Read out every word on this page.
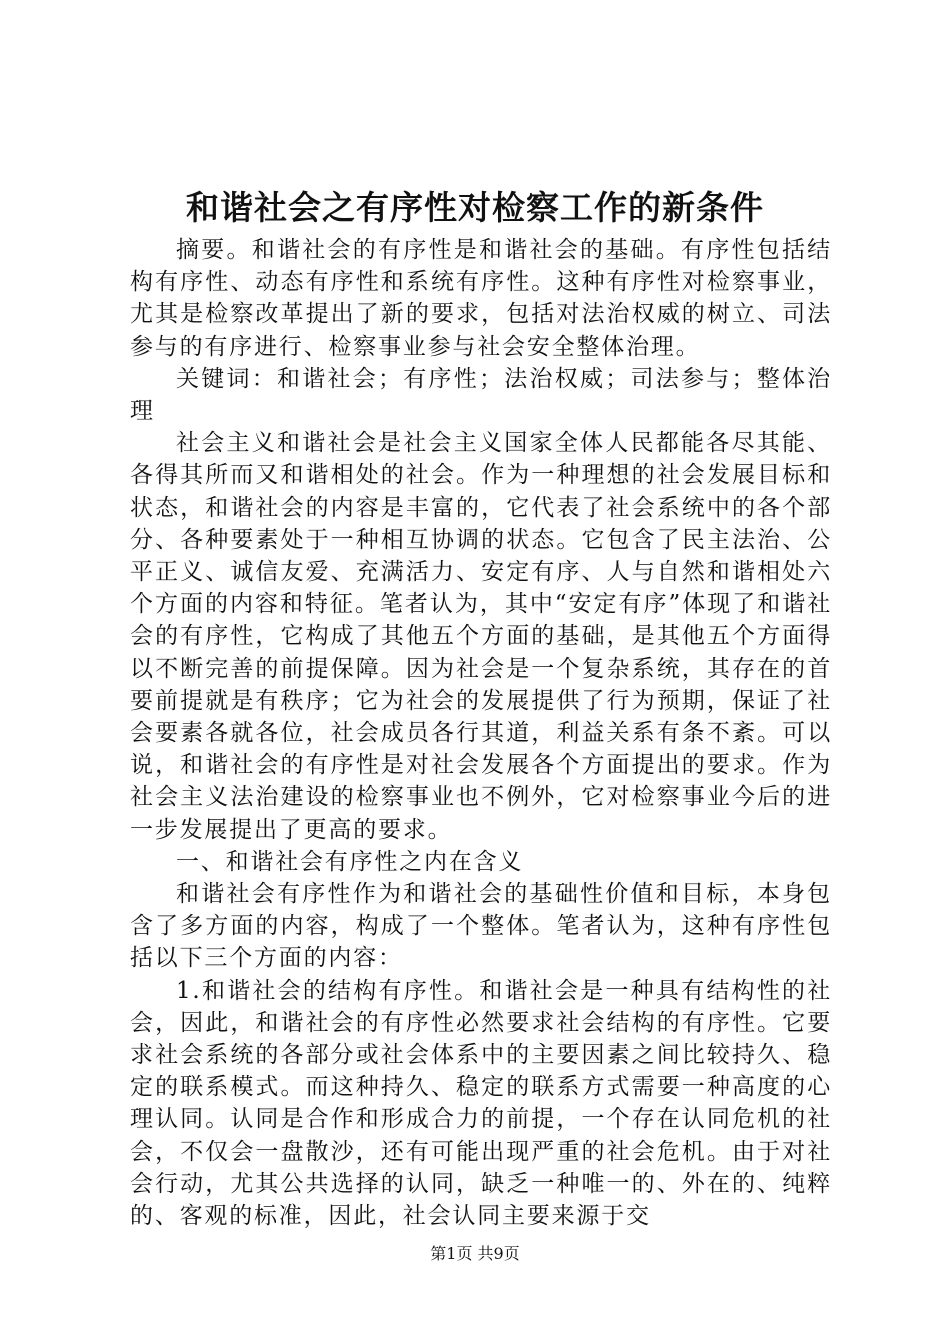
和谐社会之有序性对检察工作的新条件

摘要。和谐社会的有序性是和谐社会的基础。有序性包括结构有序性、动态有序性和系统有序性。这种有序性对检察事业，尤其是检察改革提出了新的要求，包括对法治权威的树立、司法参与的有序进行、检察事业参与社会安全整体治理。

关键词：和谐社会；有序性；法治权威；司法参与；整体治理

社会主义和谐社会是社会主义国家全体人民都能各尽其能、各得其所而又和谐相处的社会。作为一种理想的社会发展目标和状态，和谐社会的内容是丰富的，它代表了社会系统中的各个部分、各种要素处于一种相互协调的状态。它包含了民主法治、公平正义、诚信友爱、充满活力、安定有序、人与自然和谐相处六个方面的内容和特征。笔者认为，其中“安定有序”体现了和谐社会的有序性，它构成了其他五个方面的基础，是其他五个方面得以不断完善的前提保障。因为社会是一个复杂系统，其存在的首要前提就是有秩序；它为社会的发展提供了行为预期，保证了社会要素各就各位，社会成员各行其道，利益关系有条不紊。可以说，和谐社会的有序性是对社会发展各个方面提出的要求。作为社会主义法治建设的检察事业也不例外，它对检察事业今后的进一步发展提出了更高的要求。

一、和谐社会有序性之内在含义

和谐社会有序性作为和谐社会的基础性价值和目标，本身包含了多方面的内容，构成了一个整体。笔者认为，这种有序性包括以下三个方面的内容：

1.和谐社会的结构有序性。和谐社会是一种具有结构性的社会，因此，和谐社会的有序性必然要求社会结构的有序性。它要求社会系统的各部分或社会体系中的主要因素之间比较持久、稳定的联系模式。而这种持久、稳定的联系方式需要一种高度的心理认同。认同是合作和形成合力的前提，一个存在认同危机的社会，不仅会一盘散沙，还有可能出现严重的社会危机。由于对社会行动，尤其公共选择的认同，缺乏一种唯一的、外在的、纯粹的、客观的标准，因此，社会认同主要来源于交

第1页 共9页
